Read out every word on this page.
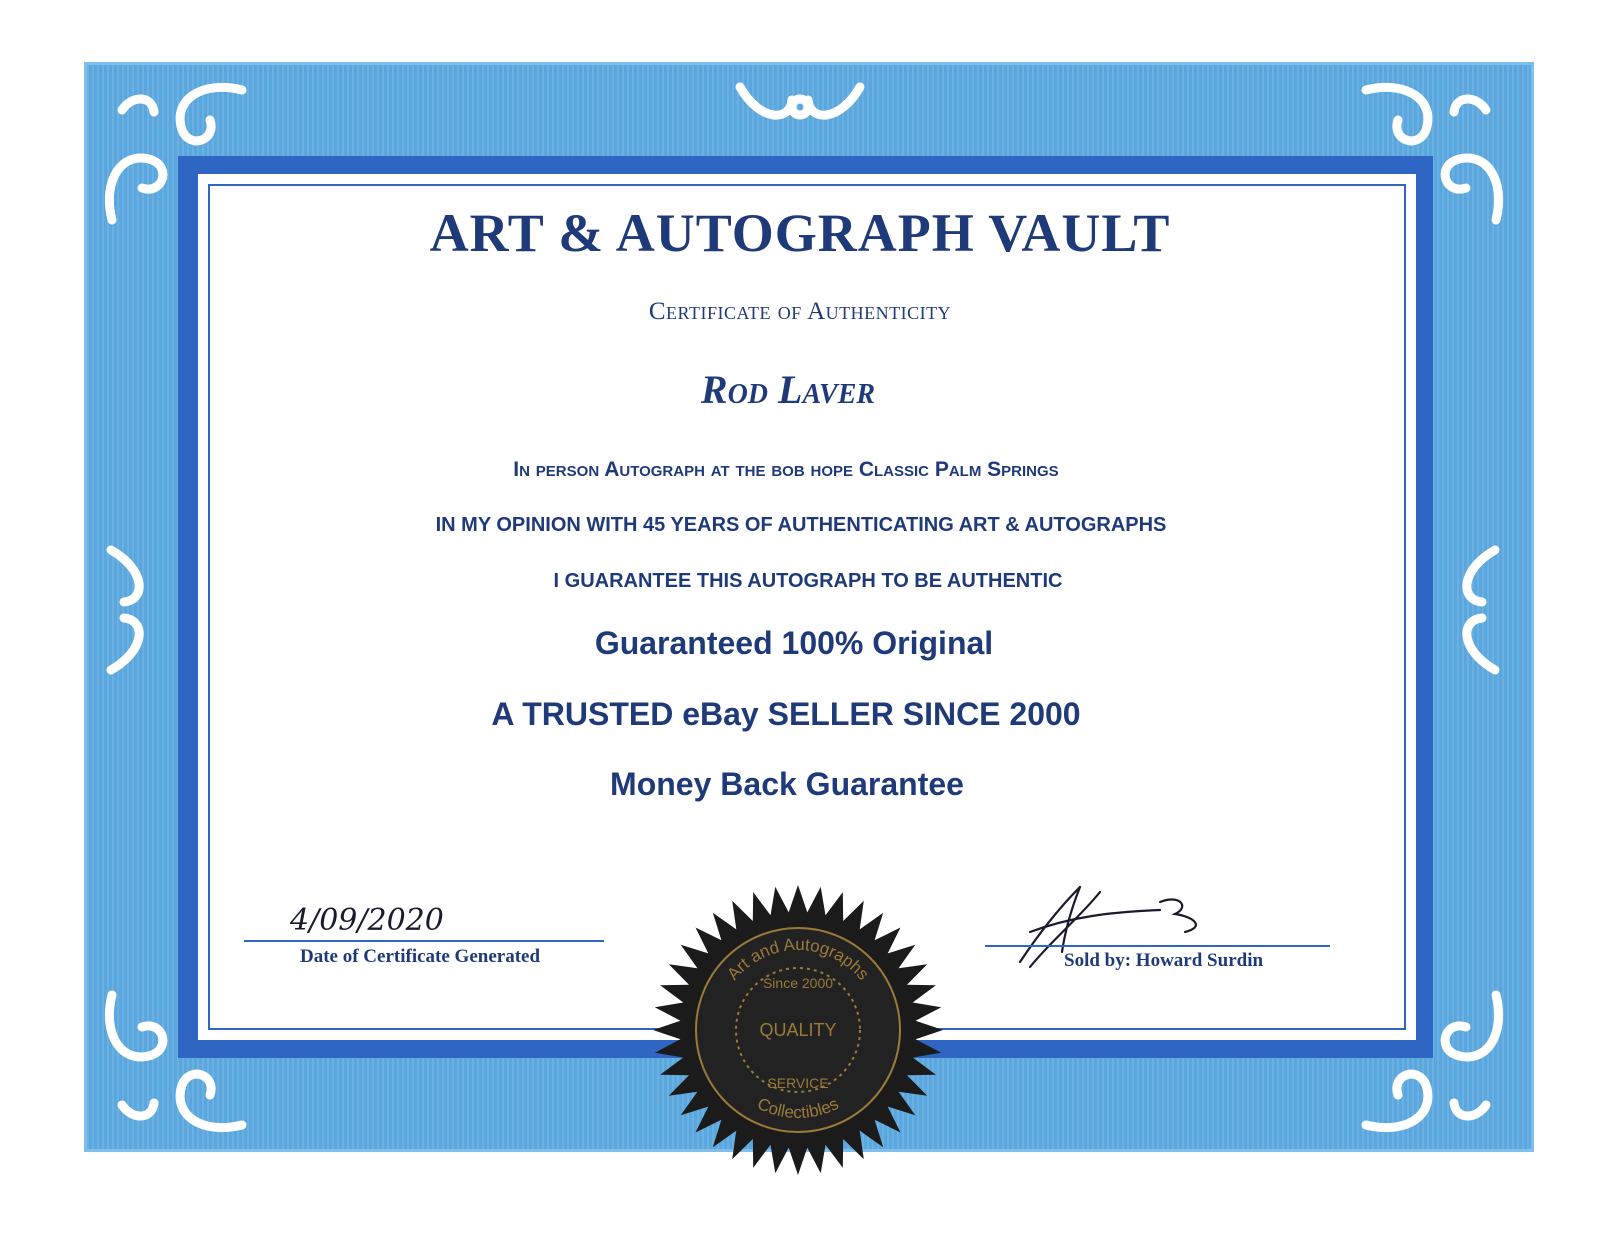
ART & AUTOGRAPH VAULT
Certificate of Authenticity
Rod Laver
In person Autograph at the bob hope Classic Palm Springs
IN MY OPINION WITH 45 YEARS OF AUTHENTICATING ART & AUTOGRAPHS
I GUARANTEE THIS AUTOGRAPH TO BE AUTHENTIC
Guaranteed 100% Original
A TRUSTED eBay SELLER SINCE 2000
Money Back Guarantee
4/09/2020
Date of Certificate Generated	Sold by: Howard Surdin
Art and Autographs
Since 2000
QUALITY
SERVICE
Collectibles
